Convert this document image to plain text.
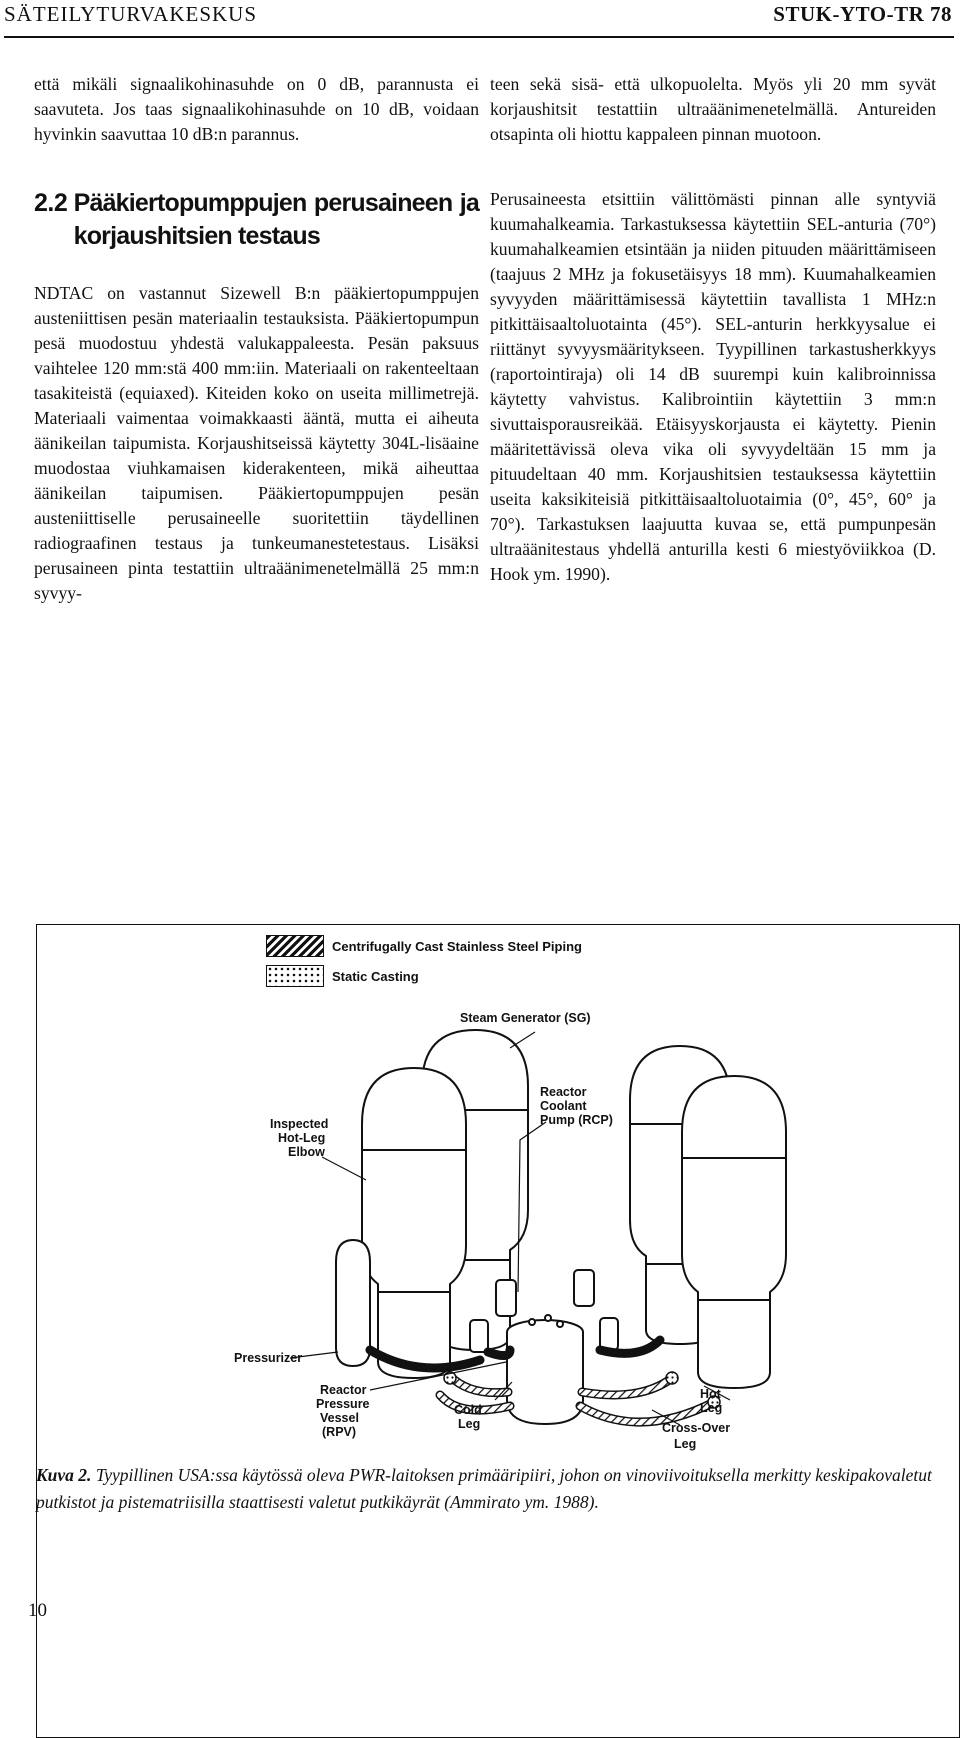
SÄTEILYTURVAKESKUS	STUK-YTO-TR 78

että mikäli signaalikohinasuhde on 0 dB, parannusta ei saavuteta. Jos taas signaalikohinasuhde on 10 dB, voidaan hyvinkin saavuttaa 10 dB:n parannus.

2.2 Pääkiertopumppujen perusaineen ja korjaushitsien testaus

NDTAC on vastannut Sizewell B:n pääkiertopumppujen austeniittisen pesän materiaalin testauksista. Pääkiertopumpun pesä muodostuu yhdestä valukappaleesta. Pesän paksuus vaihtelee 120 mm:stä 400 mm:iin. Materiaali on rakenteeltaan tasakiteistä (equiaxed). Kiteiden koko on useita millimetrejä. Materiaali vaimentaa voimakkaasti ääntä, mutta ei aiheuta äänikeilan taipumista. Korjaushitseissä käytetty 304L-lisäaine muodostaa viuhkamaisen kiderakenteen, mikä aiheuttaa äänikeilan taipumisen. Pääkiertopumppujen pesän austeniittiselle perusaineelle suoritettiin täydellinen radiograafinen testaus ja tunkeumanestetestaus. Lisäksi perusaineen pinta testattiin ultraäänimenetelmällä 25 mm:n syvyy-

teen sekä sisä- että ulkopuolelta. Myös yli 20 mm syvät korjaushitsit testattiin ultraäänimenetelmällä. Antureiden otsapinta oli hiottu kappaleen pinnan muotoon.

Perusaineesta etsittiin välittömästi pinnan alle syntyviä kuumahalkeamia. Tarkastuksessa käytettiin SEL-anturia (70°) kuumahalkeamien etsintään ja niiden pituuden määrittämiseen (taajuus 2 MHz ja fokusetäisyys 18 mm). Kuumahalkeamien syvyyden määrittämisessä käytettiin tavallista 1 MHz:n pitkittäisaaltoluotainta (45°). SEL-anturin herkkyysalue ei riittänyt syvyysmääritykseen. Tyypillinen tarkastusherkkyys (raportointiraja) oli 14 dB suurempi kuin kalibroinnissa käytetty vahvistus. Kalibrointiin käytettiin 3 mm:n sivuttaisporausreikää. Etäisyyskorjausta ei käytetty. Pienin määritettävissä oleva vika oli syvyydeltään 15 mm ja pituudeltaan 40 mm. Korjaushitsien testauksessa käytettiin useita kaksikiteisiä pitkittäisaaltoluotaimia (0°, 45°, 60° ja 70°). Tarkastuksen laajuutta kuvaa se, että pumpunpesän ultraäänitestaus yhdellä anturilla kesti 6 miestyöviikkoa (D. Hook ym. 1990).

Centrifugally Cast Stainless Steel Piping
Static Casting
Steam Generator (SG)
Reactor
Coolant
Pump (RCP)
Inspected
Hot-Leg
Elbow
Pressurizer
Reactor
Pressure
Vessel
(RPV)
Cold
Leg
Hot
Leg
Cross-Over
Leg
Kuva 2. Tyypillinen USA:ssa käytössä oleva PWR-laitoksen primääripiiri, johon on vinoviivoituksella merkitty keskipakovaletut putkistot ja pistematriisilla staattisesti valetut putkikäyrät (Ammirato ym. 1988).
10
